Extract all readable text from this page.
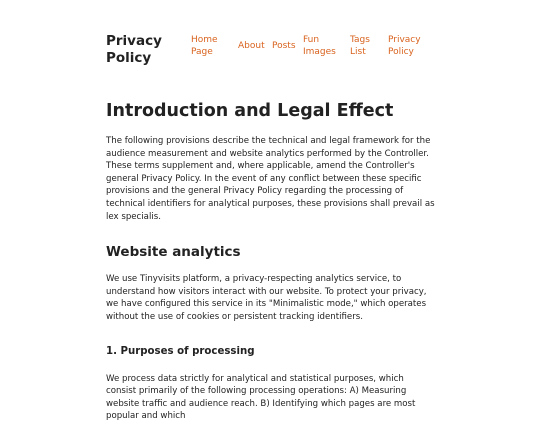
Privacy Policy
Home Page
About Posts
Fun Images
Tags List
Privacy Policy
Introduction and Legal Effect

The following provisions describe the technical and legal framework for the audience measurement and website analytics performed by the Controller. These terms supplement and, where applicable, amend the Controller's general Privacy Policy. In the event of any conflict between these specific provisions and the general Privacy Policy regarding the processing of technical identifiers for analytical purposes, these provisions shall prevail as lex specialis.

Website analytics

We use Tinyvisits platform, a privacy-respecting analytics service, to understand how visitors interact with our website. To protect your privacy, we have configured this service in its "Minimalistic mode," which operates without the use of cookies or persistent tracking identifiers.

1. Purposes of processing

We process data strictly for analytical and statistical purposes, which consist primarily of the following processing operations: A) Measuring website traffic and audience reach. B) Identifying which pages are most popular and which
